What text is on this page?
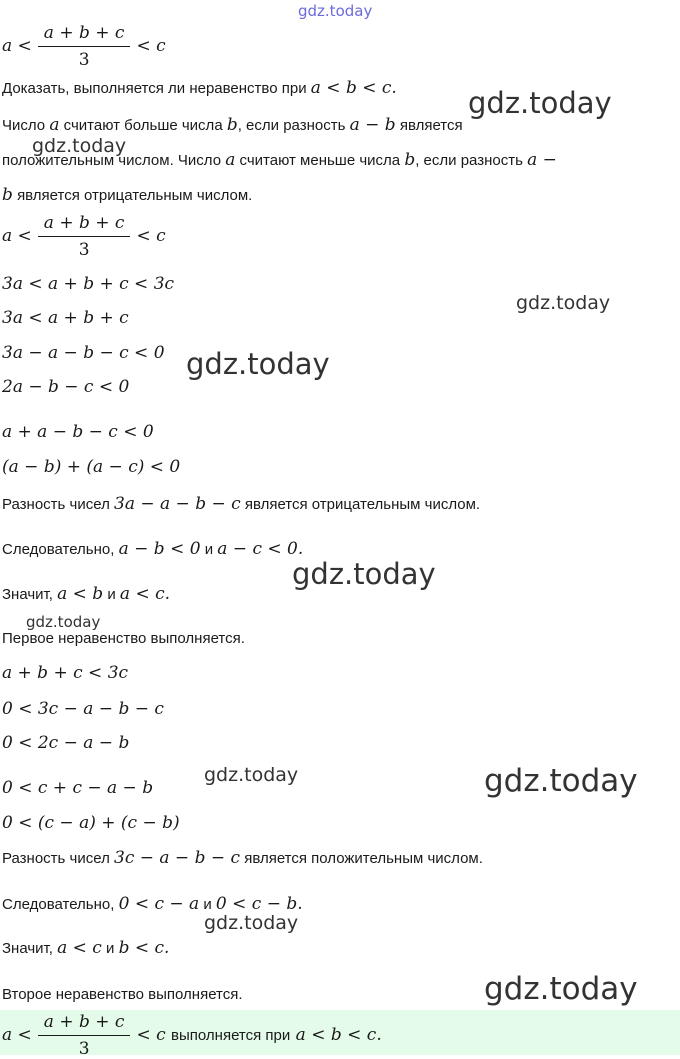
gdz.today
gdz.today
gdz.today
gdz.today
gdz.today
gdz.today
gdz.today
gdz.today	gdz.today
gdz.today
gdz.today
$a < \frac{a + b + c}{3} < c$
Доказать, выполняется ли неравенство при a < b < c.
Число a считают больше числа b, если разность a − b является
положительным числом. Число a считают меньше числа b, если разность a −
b является отрицательным числом.
$a < \frac{a + b + c}{3} < c$
3a < a + b + c < 3c
3a < a + b + c
3a − a − b − c < 0
2a − b − c < 0
a + a − b − c < 0
(a − b) + (a − c) < 0
Разность чисел 3a − a − b − c является отрицательным числом.
Следовательно, a − b < 0 и a − c < 0.
Значит, a < b и a < c.
Первое неравенство выполняется.
a + b + c < 3c
0 < 3c − a − b − c
0 < 2c − a − b
0 < c + c − a − b
0 < (c − a) + (c − b)
Разность чисел 3c − a − b − c является положительным числом.
Следовательно, 0 < c − a и 0 < c − b.
Значит, a < c и b < c.
Второе неравенство выполняется.
$a < \frac{a + b + c}{3} < c$ выполняется при a < b < c.
